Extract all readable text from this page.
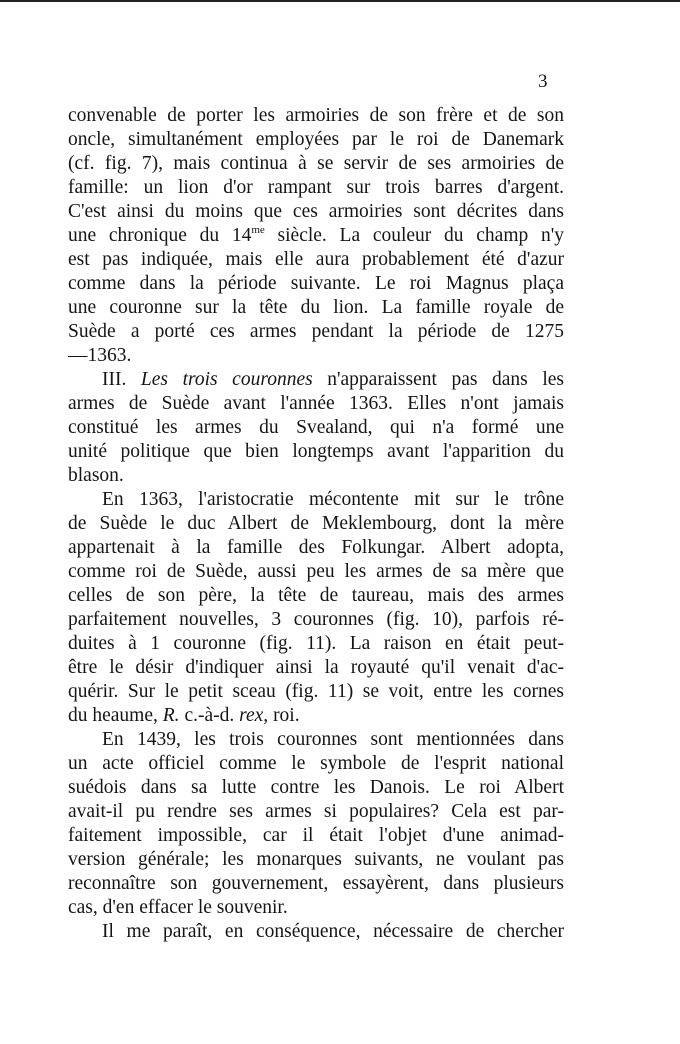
3
convenable de porter les armoiries de son frère et de son
oncle, simultanément employées par le roi de Danemark
(cf. fig. 7), mais continua à se servir de ses armoiries de
famille: un lion d'or rampant sur trois barres d'argent.
C'est ainsi du moins que ces armoiries sont décrites dans
une chronique du $14^{me}$ siècle. La couleur du champ n'y
est pas indiquée, mais elle aura probablement été d'azur
comme dans la période suivante. Le roi Magnus plaça
une couronne sur la tête du lion. La famille royale de
Suède a porté ces armes pendant la période de 1275
—1363.
III. Les trois couronnes n'apparaissent pas dans les
armes de Suède avant l'année 1363. Elles n'ont jamais
constitué les armes du Svealand, qui n'a formé une
unité politique que bien longtemps avant l'apparition du
blason.
En 1363, l'aristocratie mécontente mit sur le trône
de Suède le duc Albert de Meklembourg, dont la mère
appartenait à la famille des Folkungar. Albert adopta,
comme roi de Suède, aussi peu les armes de sa mère que
celles de son père, la tête de taureau, mais des armes
parfaitement nouvelles, 3 couronnes (fig. 10), parfois ré-
duites à 1 couronne (fig. 11). La raison en était peut-
être le désir d'indiquer ainsi la royauté qu'il venait d'ac-
quérir. Sur le petit sceau (fig. 11) se voit, entre les cornes
du heaume, R. c.-à-d. rex, roi.
En 1439, les trois couronnes sont mentionnées dans
un acte officiel comme le symbole de l'esprit national
suédois dans sa lutte contre les Danois. Le roi Albert
avait-il pu rendre ses armes si populaires? Cela est par-
faitement impossible, car il était l'objet d'une animad-
version générale; les monarques suivants, ne voulant pas
reconnaître son gouvernement, essayèrent, dans plusieurs
cas, d'en effacer le souvenir.
Il me paraît, en conséquence, nécessaire de chercher
